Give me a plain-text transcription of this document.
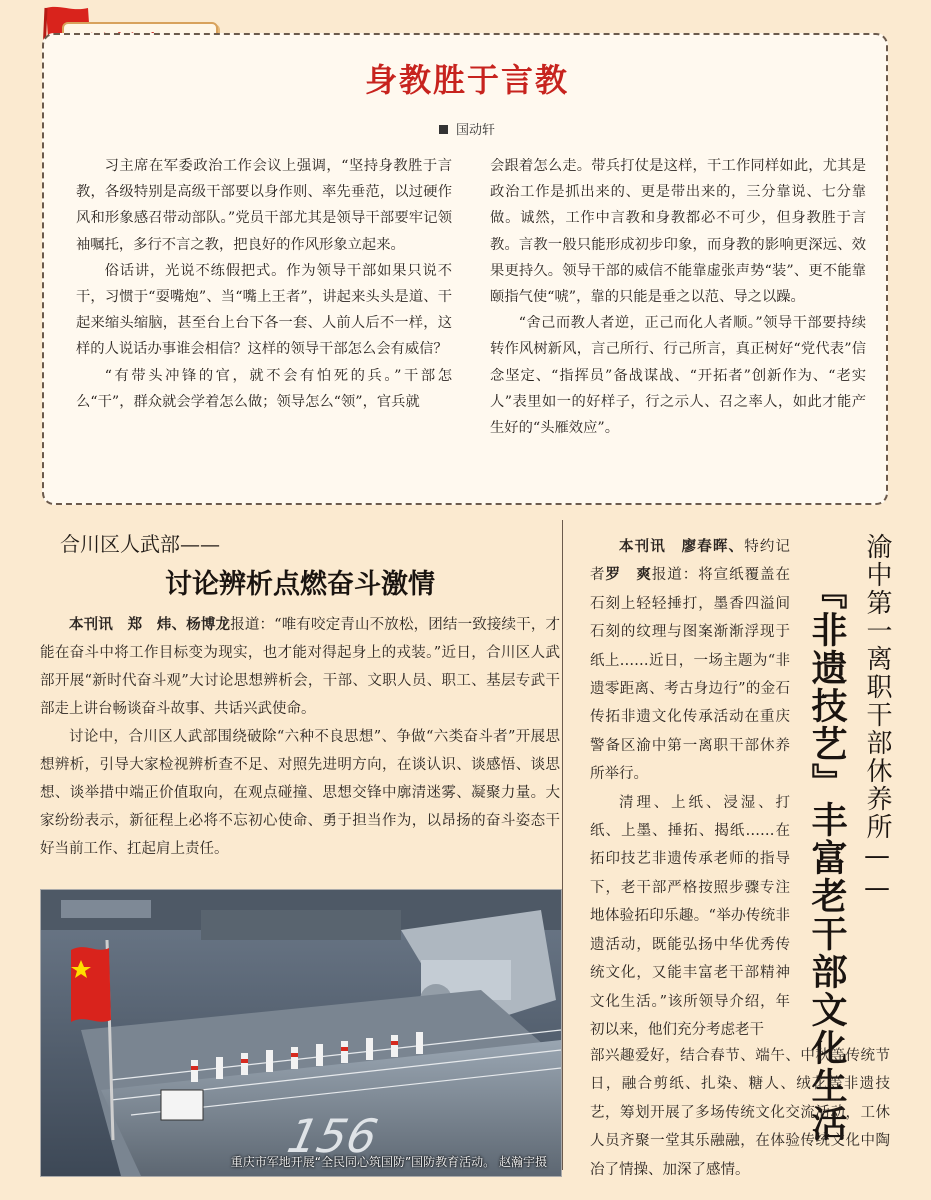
身教胜于言教
国动轩

习主席在军委政治工作会议上强调，“坚持身教胜于言教，各级特别是高级干部要以身作则、率先垂范，以过硬作风和形象感召带动部队。”党员干部尤其是领导干部要牢记领袖嘱托，多行不言之教，把良好的作风形象立起来。

俗话讲，光说不练假把式。作为领导干部如果只说不干，习惯于“耍嘴炮”、当“嘴上王者”，讲起来头头是道、干起来缩头缩脑，甚至台上台下各一套、人前人后不一样，这样的人说话办事谁会相信？这样的领导干部怎么会有威信？

“有带头冲锋的官，就不会有怕死的兵。”干部怎么“干”，群众就会学着怎么做；领导怎么“领”，官兵就

会跟着怎么走。带兵打仗是这样，干工作同样如此，尤其是政治工作是抓出来的、更是带出来的，三分靠说、七分靠做。诚然，工作中言教和身教都必不可少，但身教胜于言教。言教一般只能形成初步印象，而身教的影响更深远、效果更持久。领导干部的威信不能靠虚张声势“装”、更不能靠颐指气使“唬”，靠的只能是垂之以范、导之以躁。

“舍己而教人者逆，正己而化人者顺。”领导干部要持续转作风树新风，言己所行、行己所言，真正树好“党代表”信念坚定、“指挥员”备战谋战、“开拓者”创新作为、“老实人”表里如一的好样子，行之示人、召之率人，如此才能产生好的“头雁效应”。

合川区人武部——
讨论辨析点燃奋斗激情

本刊讯　郑　炜、杨博龙报道：“唯有咬定青山不放松，团结一致接续干，才能在奋斗中将工作目标变为现实，也才能对得起身上的戎装。”近日，合川区人武部开展“新时代奋斗观”大讨论思想辨析会，干部、文职人员、职工、基层专武干部走上讲台畅谈奋斗故事、共话兴武使命。

讨论中，合川区人武部围绕破除“六种不良思想”、争做“六类奋斗者”开展思想辨析，引导大家检视辨析查不足、对照先进明方向，在谈认识、谈感悟、谈思想、谈举措中端正价值取向，在观点碰撞、思想交锋中廓清迷雾、凝聚力量。大家纷纷表示，新征程上必将不忘初心使命、勇于担当作为，以昂扬的奋斗姿态干好当前工作、扛起肩上责任。

156
重庆市军地开展“全民同心筑国防”国防教育活动。 赵瀚宇摄
渝中第一离职干部休养所——
『非遗技艺』丰富老干部文化生活

本刊讯　廖春晖、特约记者罗　爽报道：将宣纸覆盖在石刻上轻轻捶打，墨香四溢间石刻的纹理与图案渐渐浮现于纸上……近日，一场主题为“非遗零距离、考古身边行”的金石传拓非遗文化传承活动在重庆警备区渝中第一离职干部休养所举行。

清理、上纸、浸湿、打纸、上墨、捶拓、揭纸……在拓印技艺非遗传承老师的指导下，老干部严格按照步骤专注地体验拓印乐趣。“举办传统非遗活动，既能弘扬中华优秀传统文化，又能丰富老干部精神文化生活。”该所领导介绍，年初以来，他们充分考虑老干

部兴趣爱好，结合春节、端午、中秋等传统节日，融合剪纸、扎染、糖人、绒花等非遗技艺，筹划开展了多场传统文化交流活动，工休人员齐聚一堂其乐融融，在体验传统文化中陶冶了情操、加深了感情。
